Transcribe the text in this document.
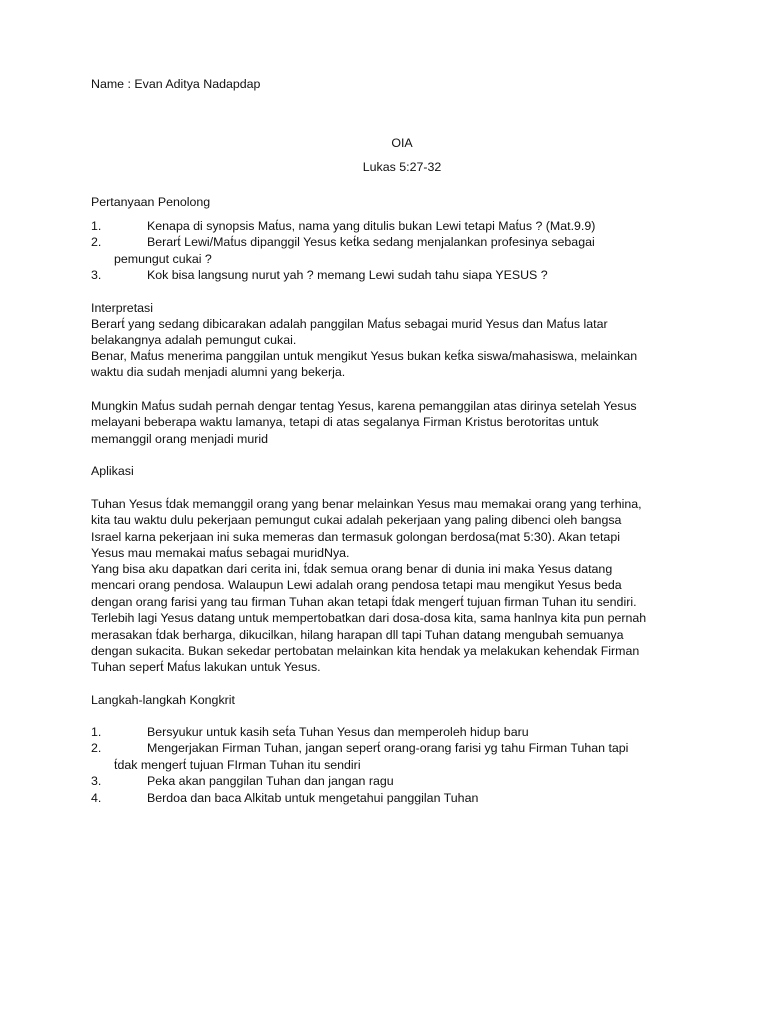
Name : Evan Aditya Nadapdap

OIA

Lukas 5:27-32

Pertanyaan Penolong

1.	Kenapa di synopsis Mat́us, nama yang ditulis bukan Lewi tetapi Mat́us ? (Mat.9.9)
2.	Berart́ Lewi/Mat́us dipanggil Yesus ket́ka sedang menjalankan profesinya sebagai pemungut cukai ?
3.	Kok bisa langsung nurut yah ? memang Lewi sudah tahu siapa YESUS ?

Interpretasi

Berart́ yang sedang dibicarakan adalah panggilan Mat́us sebagai murid Yesus dan Mat́us latar belakangnya adalah pemungut cukai.

Benar, Mat́us menerima panggilan untuk mengikut Yesus bukan ket́ka siswa/mahasiswa, melainkan waktu dia sudah menjadi alumni yang bekerja.

Mungkin Mat́us sudah pernah dengar tentag Yesus, karena pemanggilan atas dirinya setelah Yesus melayani beberapa waktu lamanya, tetapi di atas segalanya Firman Kristus berotoritas untuk memanggil orang menjadi murid

Aplikasi

Tuhan Yesus t́dak memanggil orang yang benar melainkan Yesus mau memakai orang yang terhina, kita tau waktu dulu pekerjaan pemungut cukai adalah pekerjaan yang paling dibenci oleh bangsa Israel karna pekerjaan ini suka memeras dan termasuk golongan berdosa(mat 5:30). Akan tetapi Yesus mau memakai mat́us sebagai muridNya.

Yang bisa aku dapatkan dari cerita ini, t́dak semua orang benar di dunia ini maka Yesus datang mencari orang pendosa. Walaupun Lewi adalah orang pendosa tetapi mau mengikut Yesus beda dengan orang farisi yang tau firman Tuhan akan tetapi t́dak mengert́ tujuan firman Tuhan itu sendiri. Terlebih lagi Yesus datang untuk mempertobatkan dari dosa-dosa kita, sama hanlnya kita pun pernah merasakan t́dak berharga, dikucilkan, hilang harapan dll tapi Tuhan datang mengubah semuanya dengan sukacita. Bukan sekedar pertobatan melainkan kita hendak ya melakukan kehendak Firman Tuhan sepert́ Mat́us lakukan untuk Yesus.

Langkah-langkah Kongkrit

1.	Bersyukur untuk kasih set́a Tuhan Yesus dan memperoleh hidup baru
2.	Mengerjakan Firman Tuhan, jangan sepert́ orang-orang farisi yg tahu Firman Tuhan tapi t́dak mengert́ tujuan FIrman Tuhan itu sendiri
3.	Peka akan panggilan Tuhan dan jangan ragu
4.	Berdoa dan baca Alkitab untuk mengetahui panggilan Tuhan
